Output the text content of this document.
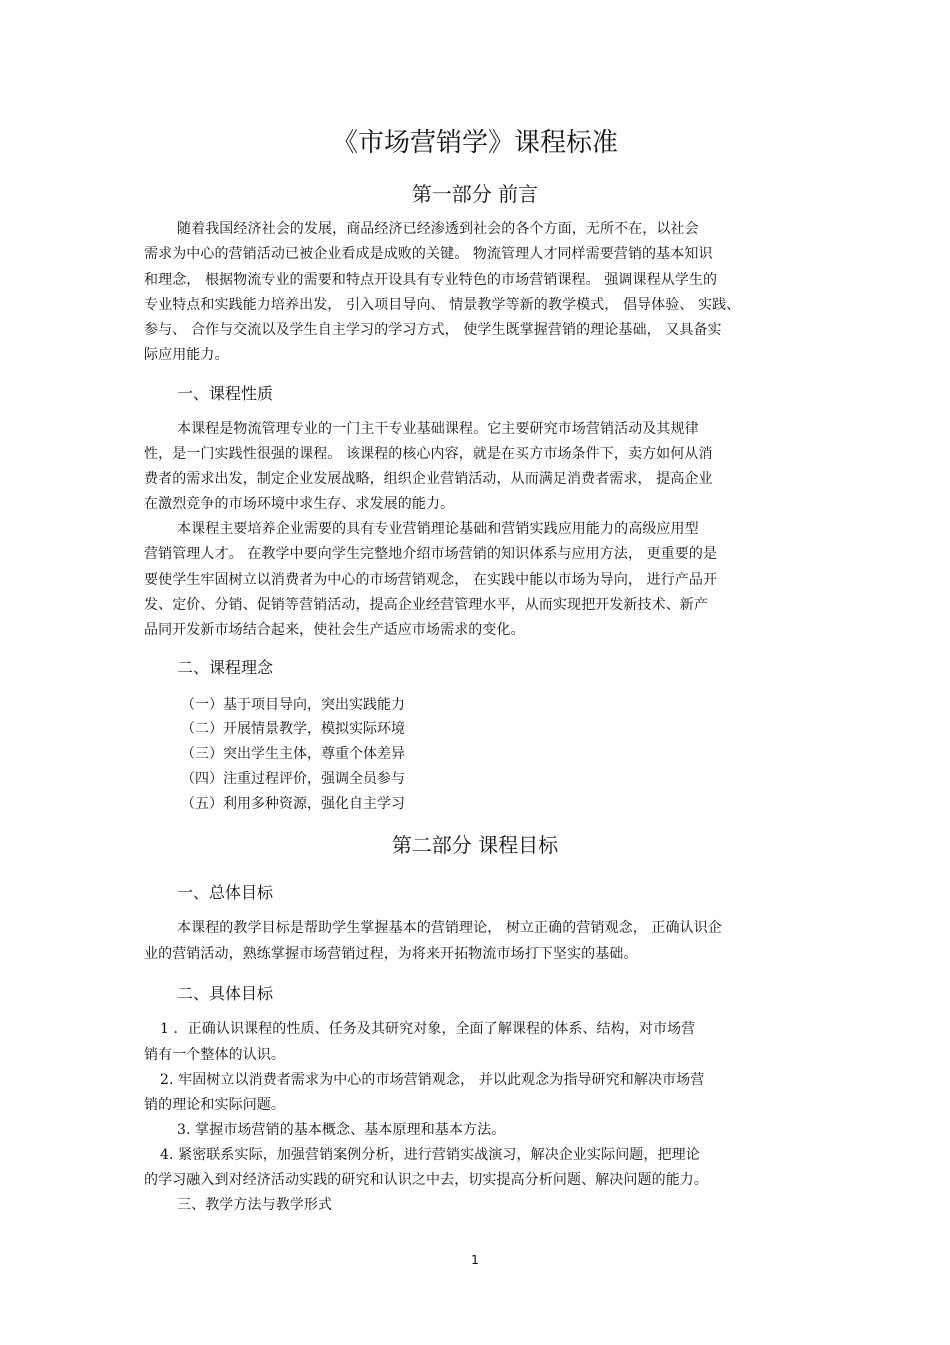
《市场营销学》课程标准
第一部分 前言
随着我国经济社会的发展，商品经济已经渗透到社会的各个方面，无所不在，以社会
需求为中心的营销活动已被企业看成是成败的关键。 物流管理人才同样需要营销的基本知识
和理念， 根据物流专业的需要和特点开设具有专业特色的市场营销课程。 强调课程从学生的
专业特点和实践能力培养出发， 引入项目导向、 情景教学等新的教学模式， 倡导体验、 实践、
参与、 合作与交流以及学生自主学习的学习方式， 使学生既掌握营销的理论基础， 又具备实
际应用能力。
一、课程性质
本课程是物流管理专业的一门主干专业基础课程。它主要研究市场营销活动及其规律
性，是一门实践性很强的课程。 该课程的核心内容，就是在买方市场条件下，卖方如何从消
费者的需求出发，制定企业发展战略，组织企业营销活动，从而满足消费者需求， 提高企业
在激烈竞争的市场环境中求生存、求发展的能力。
本课程主要培养企业需要的具有专业营销理论基础和营销实践应用能力的高级应用型
营销管理人才。 在教学中要向学生完整地介绍市场营销的知识体系与应用方法， 更重要的是
要使学生牢固树立以消费者为中心的市场营销观念， 在实践中能以市场为导向， 进行产品开
发、定价、分销、促销等营销活动，提高企业经营管理水平，从而实现把开发新技术、新产
品同开发新市场结合起来，使社会生产适应市场需求的变化。
二、课程理念
（一）基于项目导向，突出实践能力
（二）开展情景教学，模拟实际环境
（三）突出学生主体，尊重个体差异
（四）注重过程评价，强调全员参与
（五）利用多种资源，强化自主学习
第二部分 课程目标
一、总体目标
本课程的教学目标是帮助学生掌握基本的营销理论， 树立正确的营销观念， 正确认识企
业的营销活动，熟练掌握市场营销过程，为将来开拓物流市场打下坚实的基础。
二、具体目标
1 ．正确认识课程的性质、任务及其研究对象，全面了解课程的体系、结构，对市场营
销有一个整体的认识。
2. 牢固树立以消费者需求为中心的市场营销观念， 并以此观念为指导研究和解决市场营
销的理论和实际问题。
3. 掌握市场营销的基本概念、基本原理和基本方法。
4. 紧密联系实际，加强营销案例分析，进行营销实战演习，解决企业实际问题，把理论
的学习融入到对经济活动实践的研究和认识之中去，切实提高分析问题、解决问题的能力。
三、教学方法与教学形式
1
